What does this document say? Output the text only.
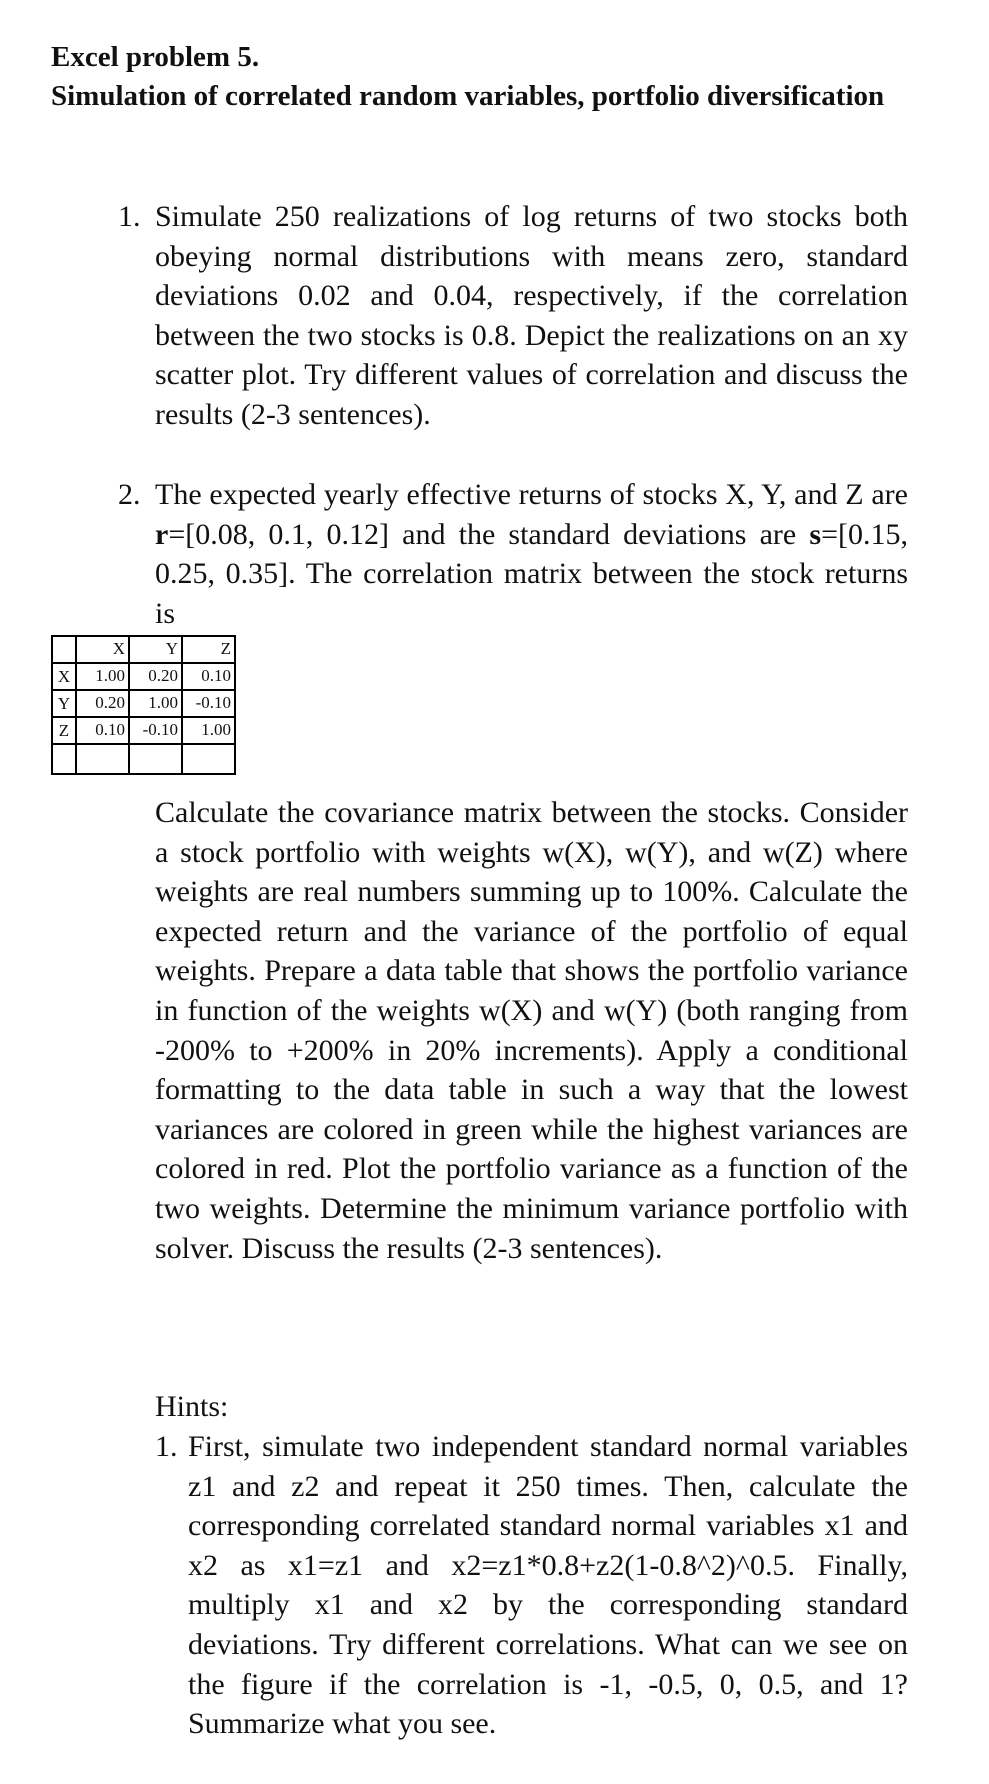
Excel problem 5.
Simulation of correlated random variables, portfolio diversification
1. Simulate 250 realizations of log returns of two stocks both obeying normal distributions with means zero, standard deviations 0.02 and 0.04, respectively, if the correlation between the two stocks is 0.8. Depict the realizations on an xy scatter plot. Try different values of correlation and discuss the results (2-3 sentences).

2. The expected yearly effective returns of stocks X, Y, and Z are r=[0.08, 0.1, 0.12] and the standard deviations are s=[0.15, 0.25, 0.35]. The correlation matrix between the stock returns is

	X	Y	Z
X	1.00	0.20	0.10
Y	0.20	1.00	-0.10
Z	0.10	-0.10	1.00

Calculate the covariance matrix between the stocks. Consider a stock portfolio with weights w(X), w(Y), and w(Z) where weights are real numbers summing up to 100%. Calculate the expected return and the variance of the portfolio of equal weights. Prepare a data table that shows the portfolio variance in function of the weights w(X) and w(Y) (both ranging from -200% to +200% in 20% increments). Apply a conditional formatting to the data table in such a way that the lowest variances are colored in green while the highest variances are colored in red. Plot the portfolio variance as a function of the two weights. Determine the minimum variance portfolio with solver. Discuss the results (2-3 sentences).

Hints:
1. First, simulate two independent standard normal variables z1 and z2 and repeat it 250 times. Then, calculate the corresponding correlated standard normal variables x1 and x2 as x1=z1 and x2=z1*0.8+z2(1-0.8^2)^0.5. Finally, multiply x1 and x2 by the corresponding standard deviations. Try different correlations. What can we see on the figure if the correlation is -1, -0.5, 0, 0.5, and 1? Summarize what you see.
